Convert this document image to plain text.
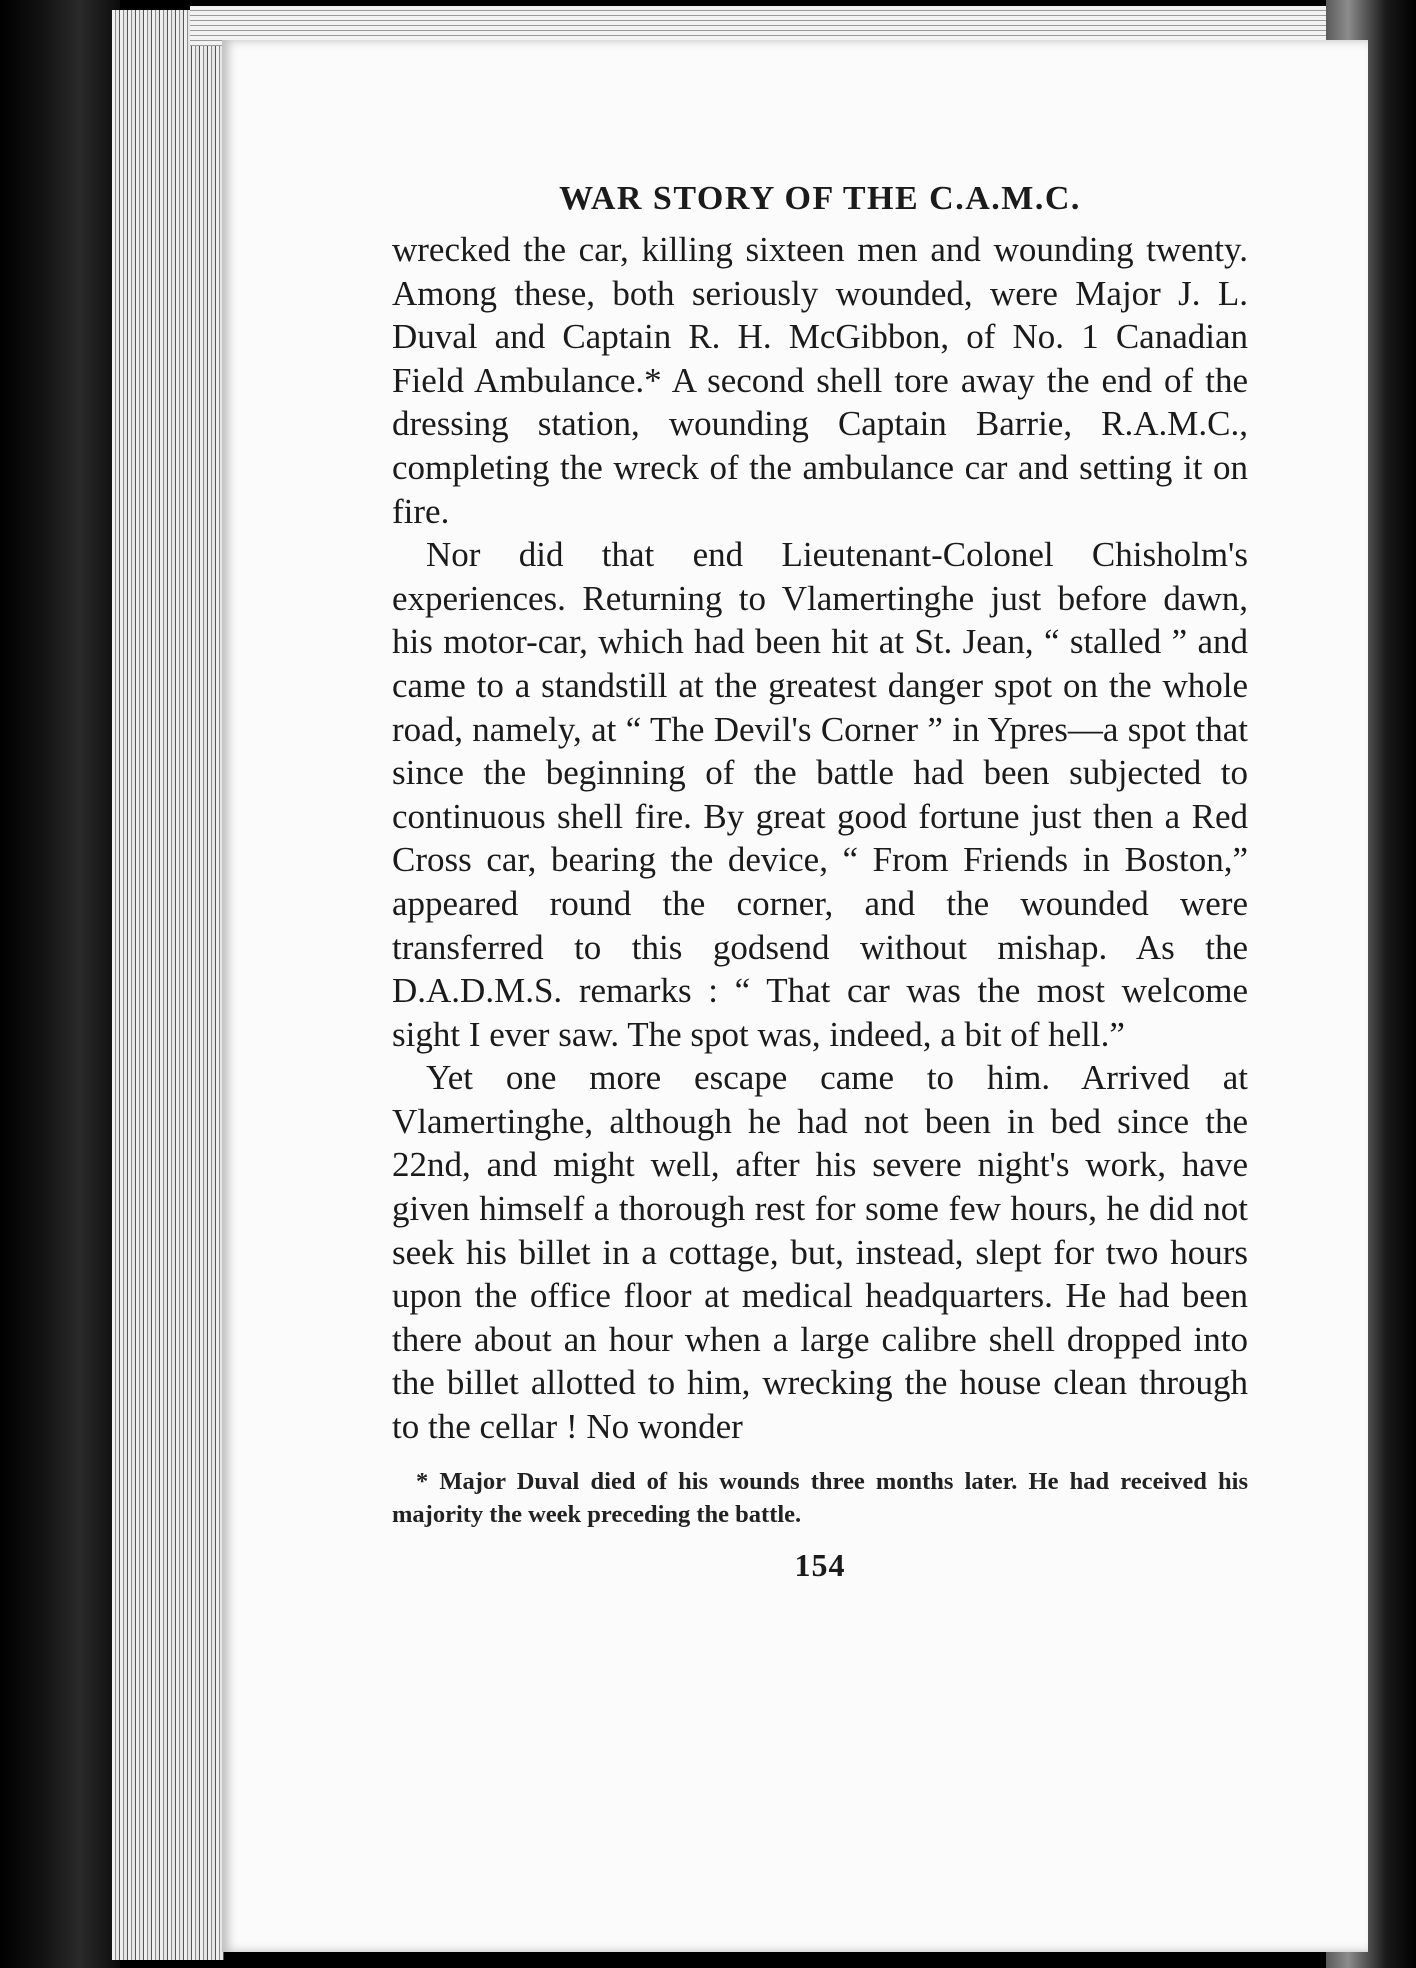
WAR STORY OF THE C.A.M.C.

wrecked the car, killing sixteen men and wounding twenty. Among these, both seriously wounded, were Major J. L. Duval and Captain R. H. McGibbon, of No. 1 Canadian Field Ambulance.* A second shell tore away the end of the dressing station, wounding Captain Barrie, R.A.M.C., completing the wreck of the ambulance car and setting it on fire.

Nor did that end Lieutenant-Colonel Chisholm's experiences. Returning to Vlamertinghe just before dawn, his motor-car, which had been hit at St. Jean, “ stalled ” and came to a standstill at the greatest danger spot on the whole road, namely, at “ The Devil's Corner ” in Ypres—a spot that since the beginning of the battle had been subjected to continuous shell fire. By great good fortune just then a Red Cross car, bearing the device, “ From Friends in Boston,” appeared round the corner, and the wounded were transferred to this godsend without mishap. As the D.A.D.M.S. remarks : “ That car was the most welcome sight I ever saw. The spot was, indeed, a bit of hell.”

Yet one more escape came to him. Arrived at Vlamertinghe, although he had not been in bed since the 22nd, and might well, after his severe night's work, have given himself a thorough rest for some few hours, he did not seek his billet in a cottage, but, instead, slept for two hours upon the office floor at medical headquarters. He had been there about an hour when a large calibre shell dropped into the billet allotted to him, wrecking the house clean through to the cellar ! No wonder

* Major Duval died of his wounds three months later. He had received his majority the week preceding the battle.

154
